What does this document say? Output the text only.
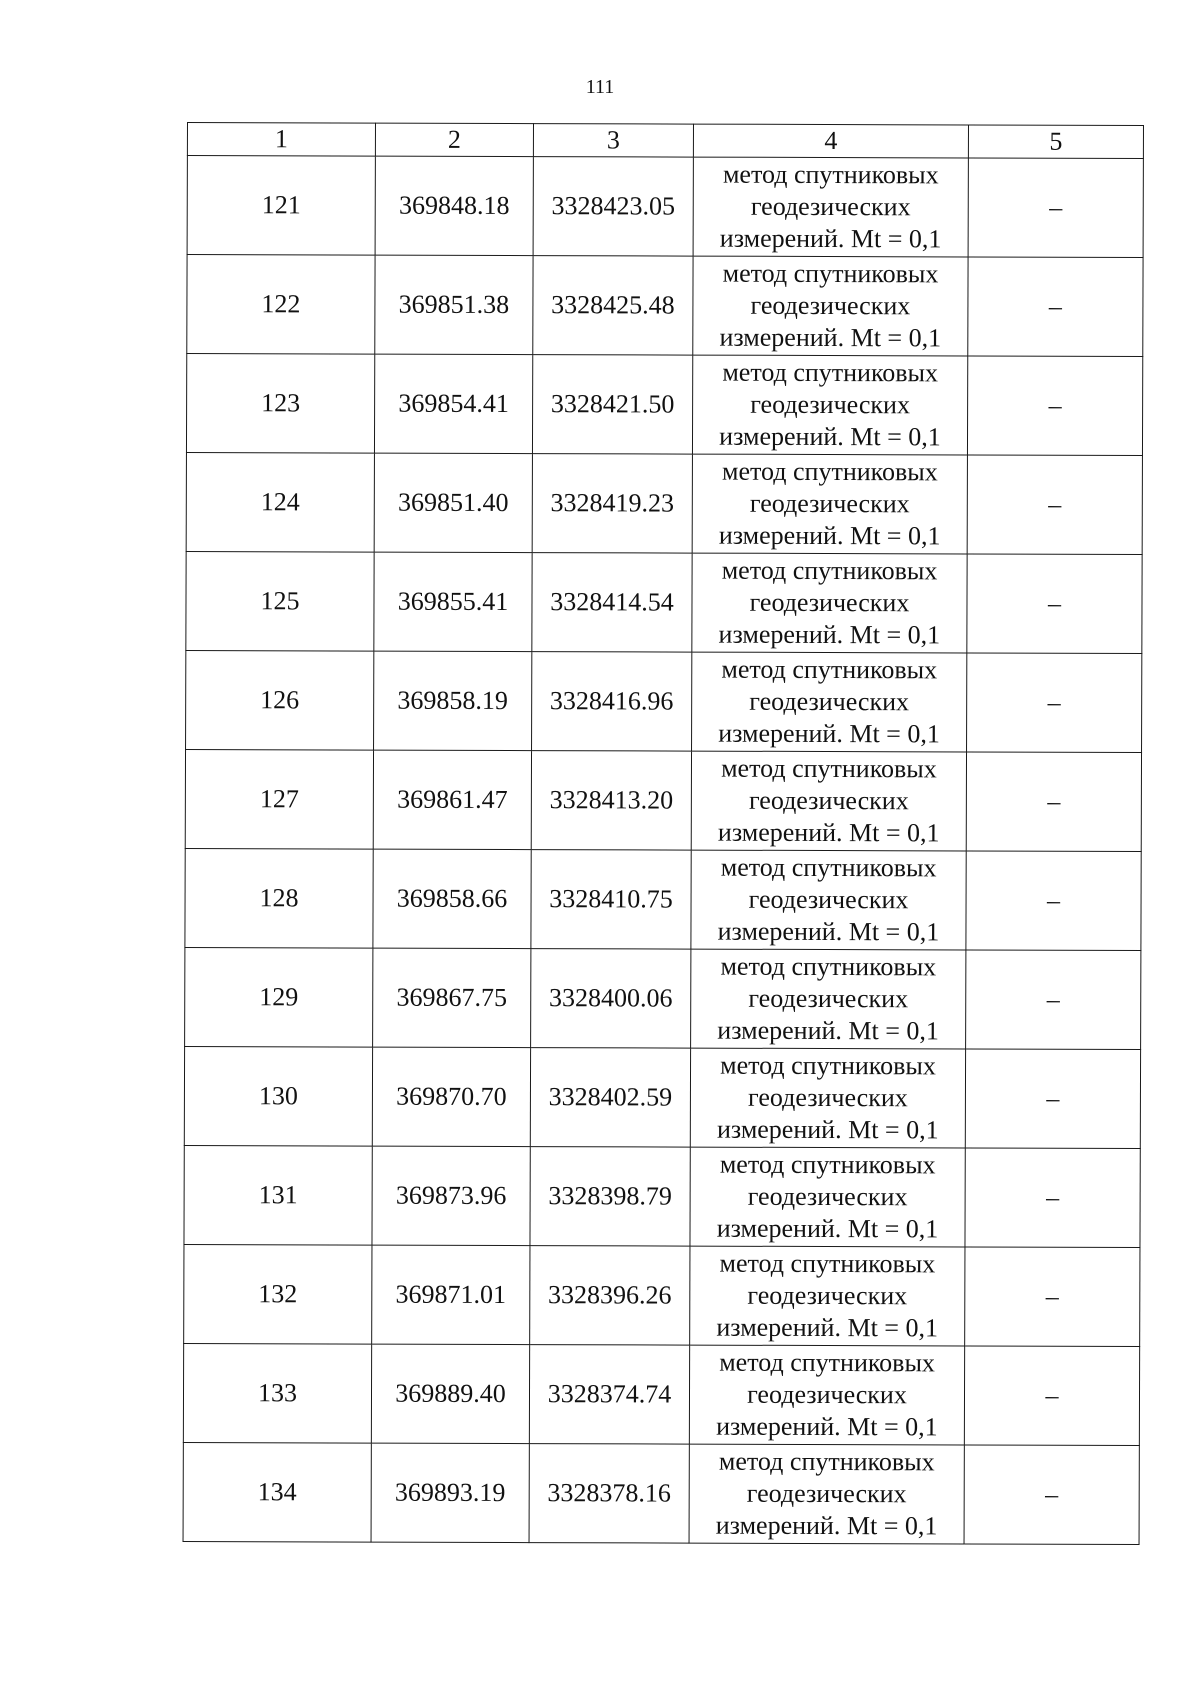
111
1	2	3	4	5
121	369848.18	3328423.05	метод спутниковых
геодезических
измерений. Mt = 0,1	–
122	369851.38	3328425.48	метод спутниковых
геодезических
измерений. Mt = 0,1	–
123	369854.41	3328421.50	метод спутниковых
геодезических
измерений. Mt = 0,1	–
124	369851.40	3328419.23	метод спутниковых
геодезических
измерений. Mt = 0,1	–
125	369855.41	3328414.54	метод спутниковых
геодезических
измерений. Mt = 0,1	–
126	369858.19	3328416.96	метод спутниковых
геодезических
измерений. Mt = 0,1	–
127	369861.47	3328413.20	метод спутниковых
геодезических
измерений. Mt = 0,1	–
128	369858.66	3328410.75	метод спутниковых
геодезических
измерений. Mt = 0,1	–
129	369867.75	3328400.06	метод спутниковых
геодезических
измерений. Mt = 0,1	–
130	369870.70	3328402.59	метод спутниковых
геодезических
измерений. Mt = 0,1	–
131	369873.96	3328398.79	метод спутниковых
геодезических
измерений. Mt = 0,1	–
132	369871.01	3328396.26	метод спутниковых
геодезических
измерений. Mt = 0,1	–
133	369889.40	3328374.74	метод спутниковых
геодезических
измерений. Mt = 0,1	–
134	369893.19	3328378.16	метод спутниковых
геодезических
измерений. Mt = 0,1	–
